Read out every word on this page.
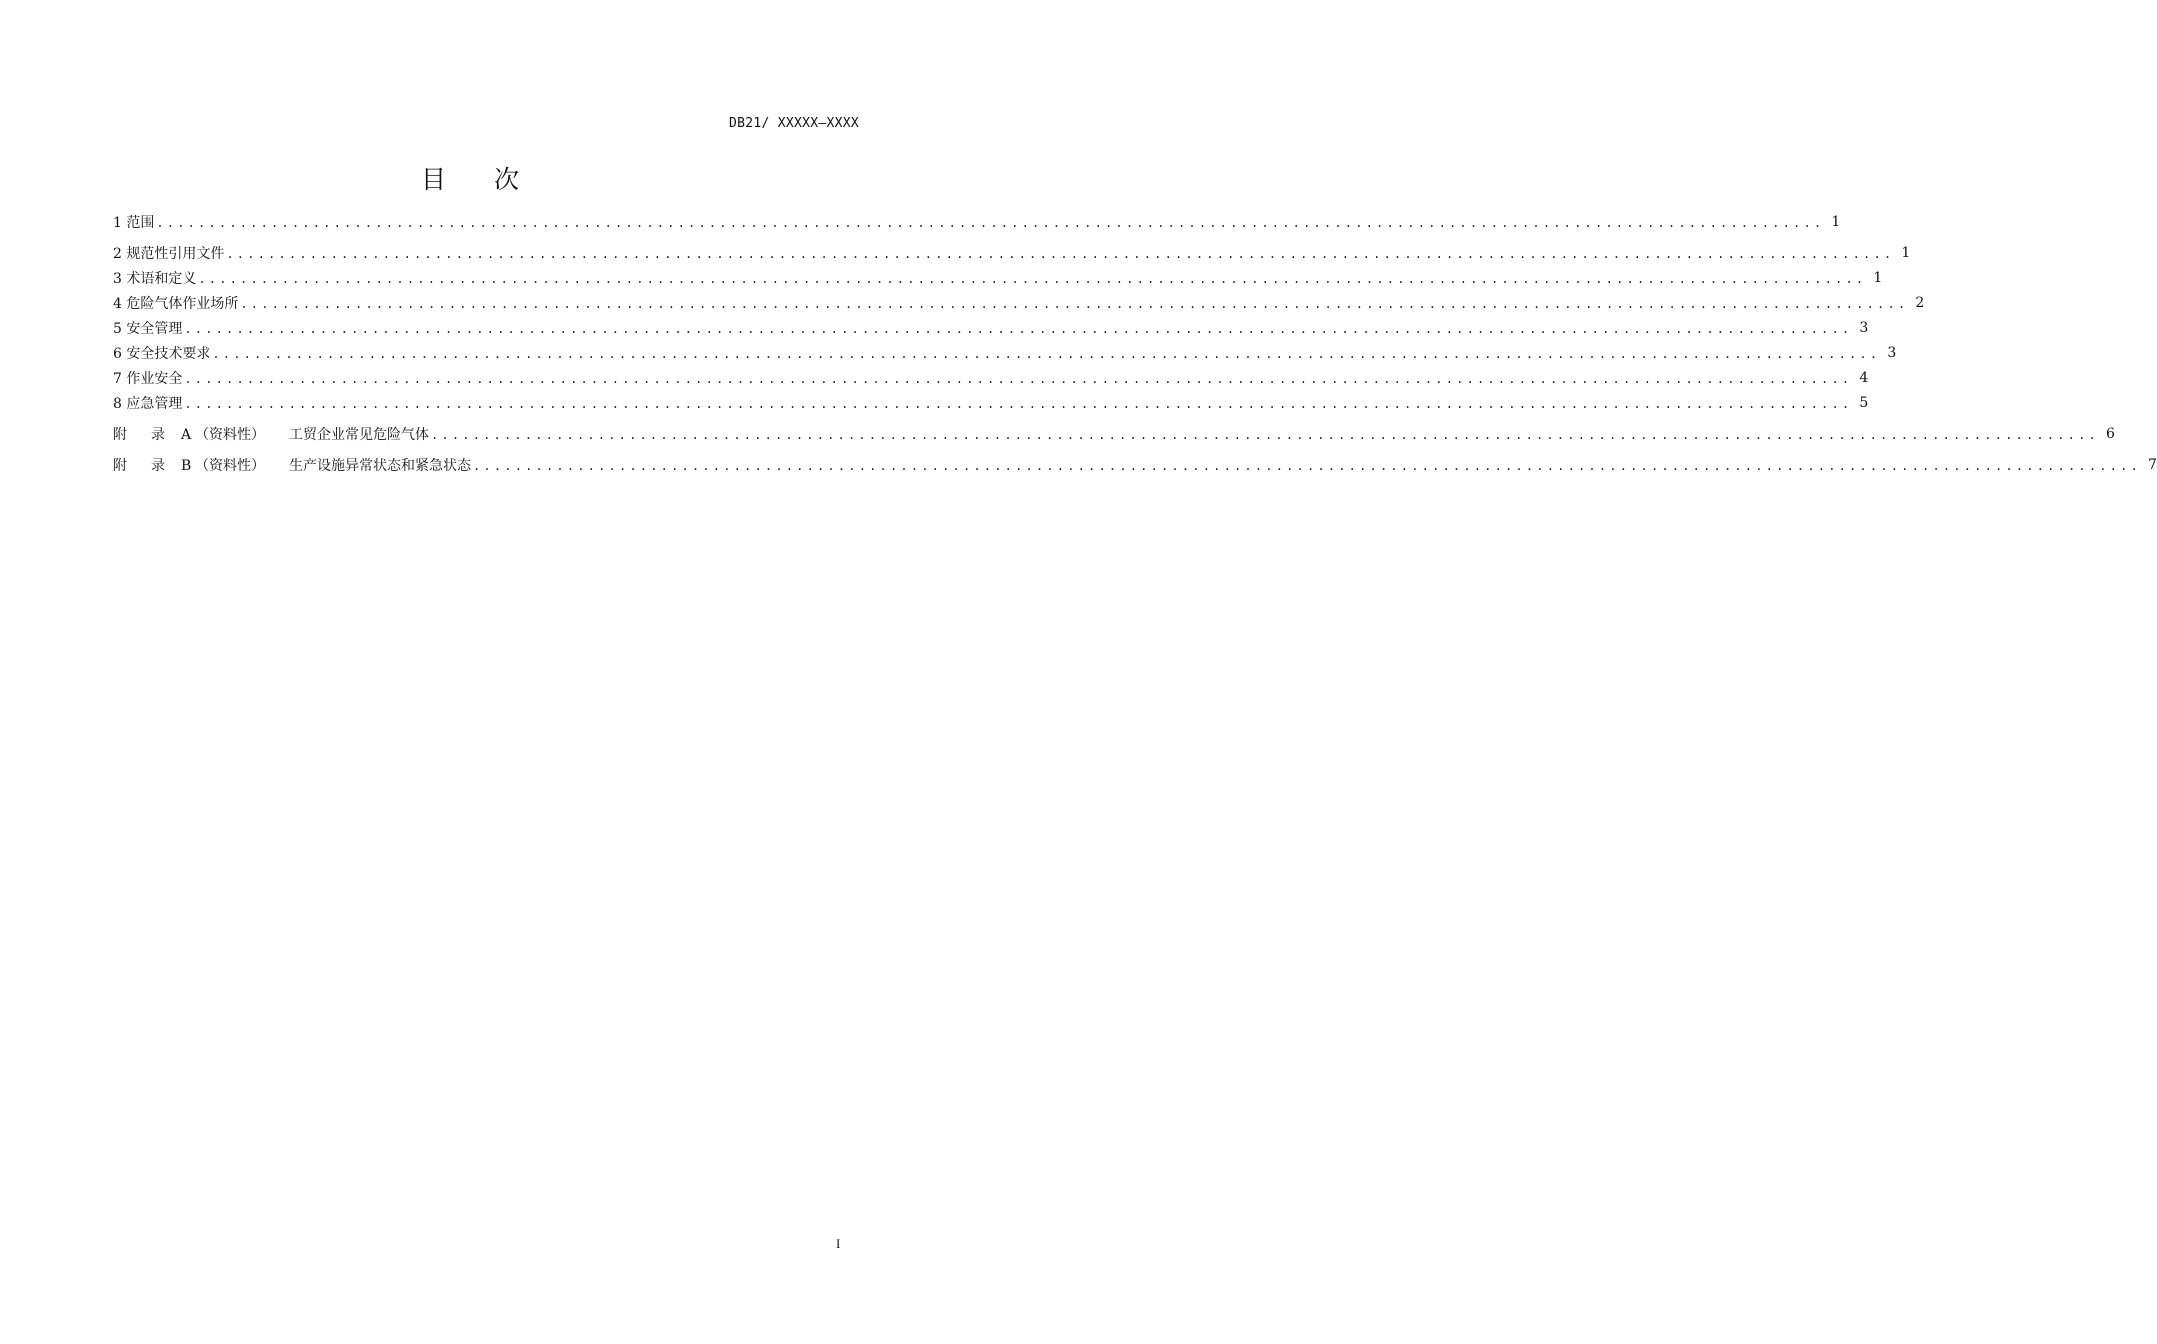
DB21/ XXXXX—XXXX
目 次
1 范围 ................................................................................................................................................................ 1
2 规范性引用文件 ................................................................................................................................................................ 1
3 术语和定义 ................................................................................................................................................................ 1
4 危险气体作业场所 ................................................................................................................................................................ 2
5 安全管理 ................................................................................................................................................................ 3
6 安全技术要求 ................................................................................................................................................................ 3
7 作业安全 ................................................................................................................................................................ 4
8 应急管理 ................................................................................................................................................................ 5
附 录 A （资料性） 工贸企业常见危险气体 ................................................................................................................................................................ 6
附 录 B （资料性） 生产设施异常状态和紧急状态 ................................................................................................................................................................ 7
I
